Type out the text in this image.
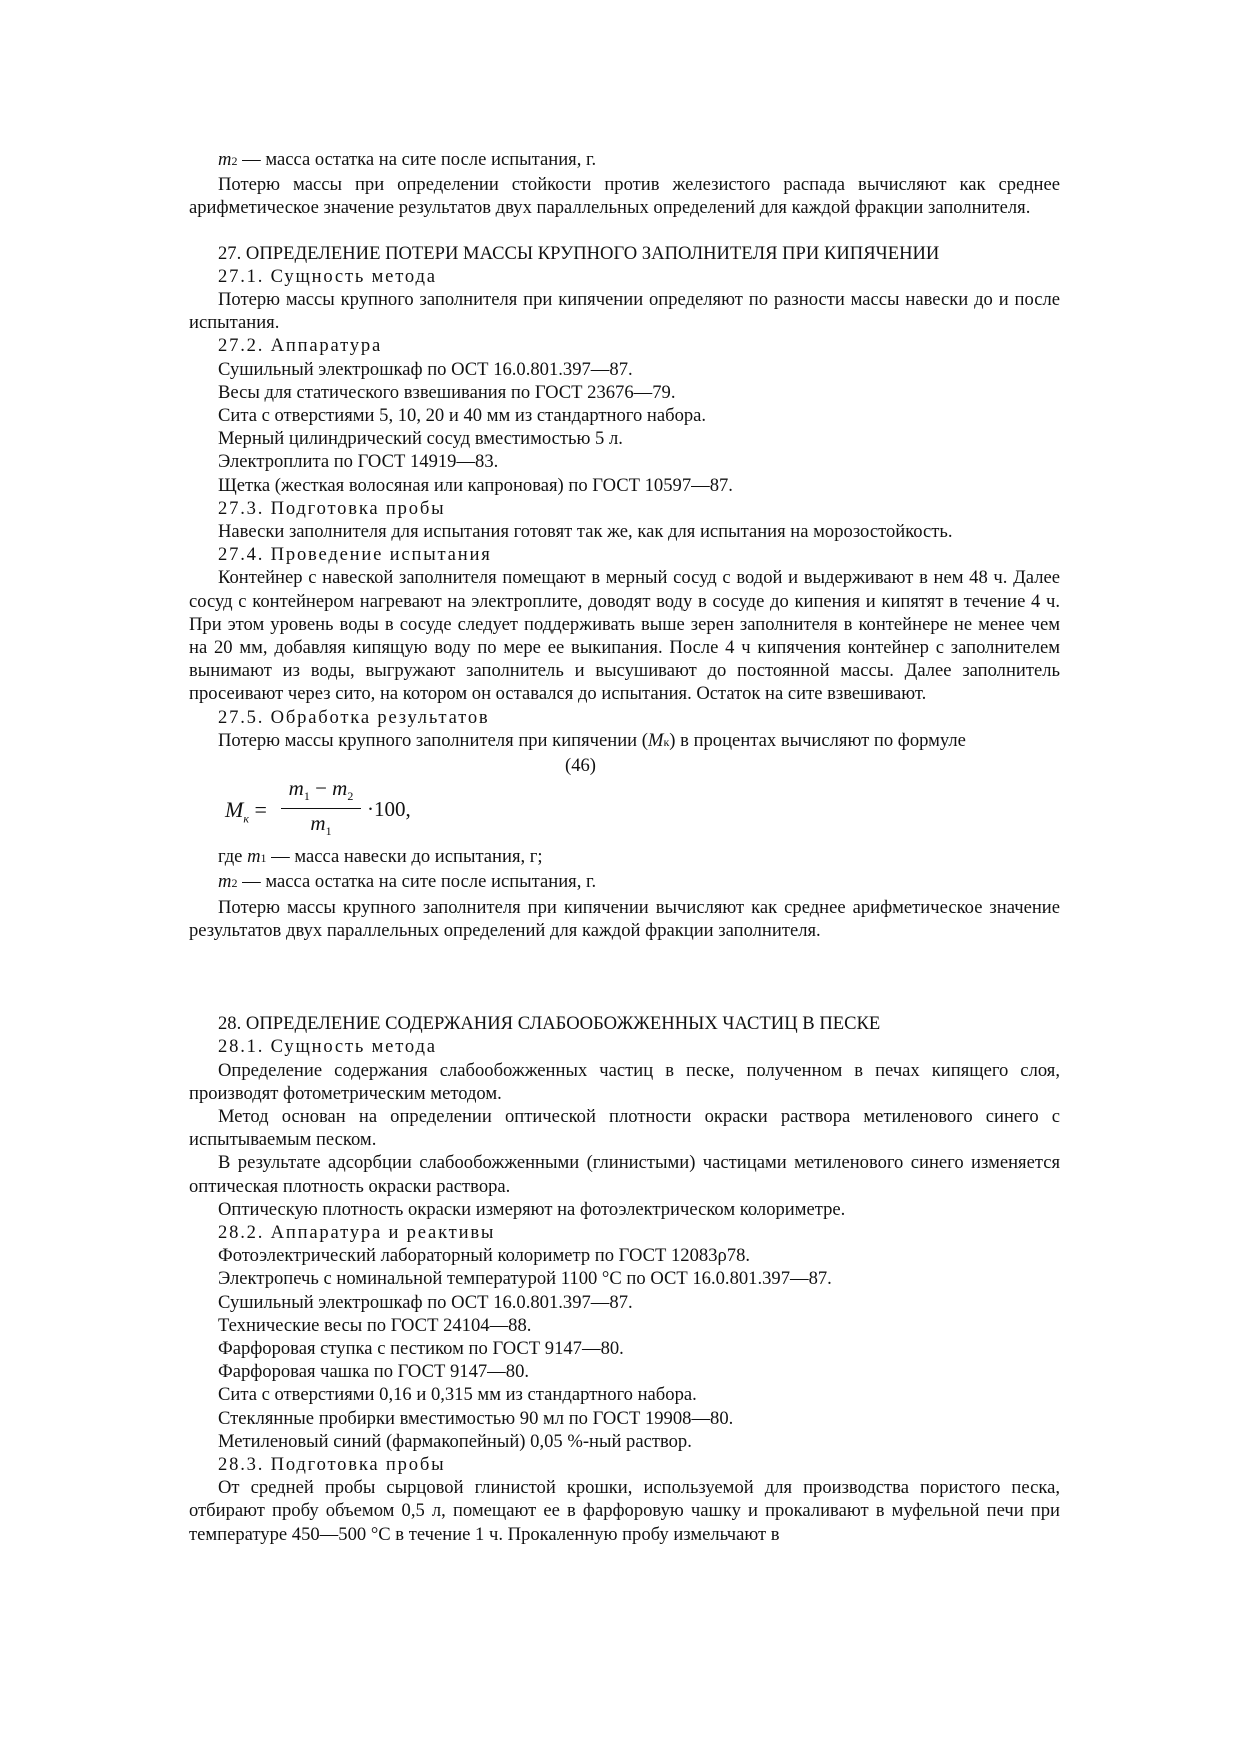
m2 — масса остатка на сите после испытания, г.

Потерю массы при определении стойкости против железистого распада вычисляют как среднее арифметическое значение результатов двух параллельных определений для каждой фракции заполнителя.

27. ОПРЕДЕЛЕНИЕ ПОТЕРИ МАССЫ КРУПНОГО ЗАПОЛНИТЕЛЯ ПРИ КИПЯЧЕНИИ

27.1. Сущность метода

Потерю массы крупного заполнителя при кипячении определяют по разности массы навески до и после испытания.

27.2. Аппаратура

Сушильный электрошкаф по ОСТ 16.0.801.397—87.

Весы для статического взвешивания по ГОСТ 23676—79.

Сита с отверстиями 5, 10, 20 и 40 мм из стандартного набора.

Мерный цилиндрический сосуд вместимостью 5 л.

Электроплита по ГОСТ 14919—83.

Щетка (жесткая волосяная или капроновая) по ГОСТ 10597—87.

27.3. Подготовка пробы

Навески заполнителя для испытания готовят так же, как для испытания на морозостойкость.

27.4. Проведение испытания

Контейнер с навеской заполнителя помещают в мерный сосуд с водой и выдерживают в нем 48 ч. Далее сосуд с контейнером нагревают на электроплите, доводят воду в сосуде до кипения и кипятят в течение 4 ч. При этом уровень воды в сосуде следует поддерживать выше зерен заполнителя в контейнере не менее чем на 20 мм, добавляя кипящую воду по мере ее выкипания. После 4 ч кипячения контейнер с заполнителем вынимают из воды, выгружают заполнитель и высушивают до постоянной массы. Далее заполнитель просеивают через сито, на котором он оставался до испытания. Остаток на сите взвешивают.

27.5. Обработка результатов

Потерю массы крупного заполнителя при кипячении (Mк) в процентах вычисляют по формуле

(46)

$M_к$ =
$m_1 - m_2$
$m_1$
·100,

где m1 — масса навески до испытания, г;

m2 — масса остатка на сите после испытания, г.

Потерю массы крупного заполнителя при кипячении вычисляют как среднее арифметическое значение результатов двух параллельных определений для каждой фракции заполнителя.

28. ОПРЕДЕЛЕНИЕ СОДЕРЖАНИЯ СЛАБООБОЖЖЕННЫХ ЧАСТИЦ В ПЕСКЕ

28.1. Сущность метода

Определение содержания слабообожженных частиц в песке, полученном в печах кипящего слоя, производят фотометрическим методом.

Метод основан на определении оптической плотности окраски раствора метиленового синего с испытываемым песком.

В результате адсорбции слабообожженными (глинистыми) частицами метиленового синего изменяется оптическая плотность окраски раствора.

Оптическую плотность окраски измеряют на фотоэлектрическом колориметре.

28.2. Аппаратура и реактивы

Фотоэлектрический лабораторный колориметр по ГОСТ 12083ρ78.

Электропечь с номинальной температурой 1100 °С по ОСТ 16.0.801.397—87.

Сушильный электрошкаф по ОСТ 16.0.801.397—87.

Технические весы по ГОСТ 24104—88.

Фарфоровая ступка с пестиком по ГОСТ 9147—80.

Фарфоровая чашка по ГОСТ 9147—80.

Сита с отверстиями 0,16 и 0,315 мм из стандартного набора.

Стеклянные пробирки вместимостью 90 мл по ГОСТ 19908—80.

Метиленовый синий (фармакопейный) 0,05 %-ный раствор.

28.3. Подготовка пробы

От средней пробы сырцовой глинистой крошки, используемой для производства пористого песка, отбирают пробу объемом 0,5 л, помещают ее в фарфоровую чашку и прокаливают в муфельной печи при температуре 450—500 °С в течение 1 ч. Прокаленную пробу измельчают в
